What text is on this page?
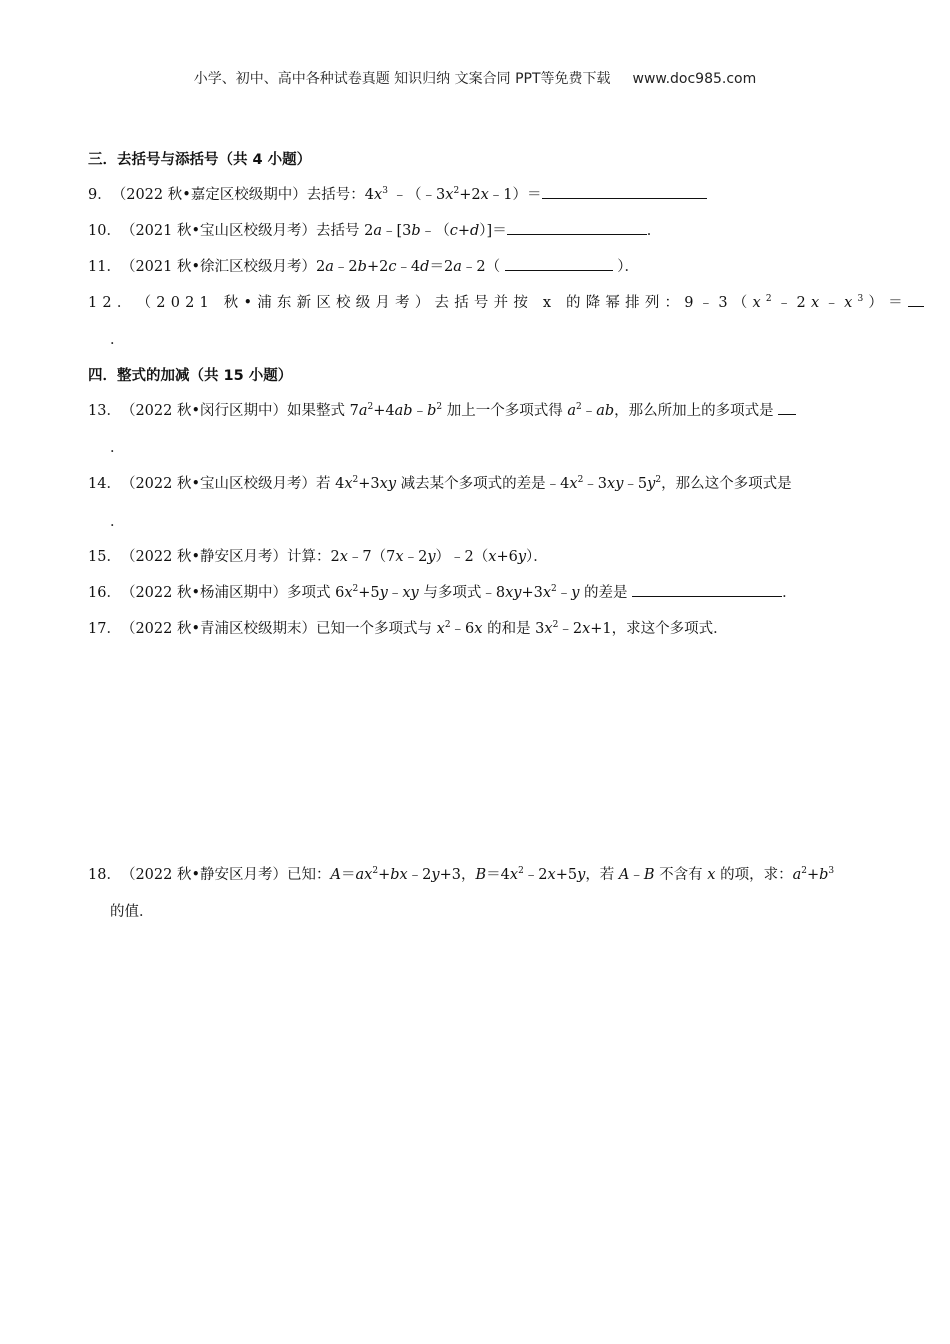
小学、初中、高中各种试卷真题 知识归纳 文案合同 PPT等免费下载 www.doc985.com
三．去括号与添括号（共 4 小题）
9．（2022 秋•嘉定区校级期中）去括号：$4x^3$ $﹣(﹣3x^2+2x﹣1)=$
10．（2021 秋•宝山区校级月考）去括号 2a﹣[3b﹣（c+d）]＝	．
11．（2021 秋•徐汇区校级月考）2a﹣2b+2c﹣4d＝2a﹣2（	）．
12．（2021 秋•浦东新区校级月考）去括号并按 x 的降幂排列：$9﹣3(x^2﹣2x﹣x^3)=$
．
四．整式的加减（共 15 小题）
13．（2022 秋•闵行区期中）如果整式 $7a^2+4ab﹣b^2$ 加上一个多项式得 $a^2﹣ab$，那么所加上的多项式是
．
14．（2022 秋•宝山区校级月考）若 $4x^2+3xy$ 减去某个多项式的差是$﹣4x^2﹣3xy﹣5y^2$，那么这个多项式是
．
15．（2022 秋•静安区月考）计算：2x﹣7（7x﹣2y）﹣2（x+6y）．
16．（2022 秋•杨浦区期中）多项式 $6x^2+5y﹣xy$ 与多项式$﹣8xy+3x^2﹣y$ 的差是	．
17．（2022 秋•青浦区校级期末）已知一个多项式与 $x^2﹣6x$ 的和是 $3x^2﹣2x+1$，求这个多项式．
18．（2022 秋•静安区月考）已知：$A=ax^2+bx﹣2y+3$，$B=4x^2﹣2x+5y$，若 A﹣B 不含有 x 的项，求：$a^2+b^3$
的值．
